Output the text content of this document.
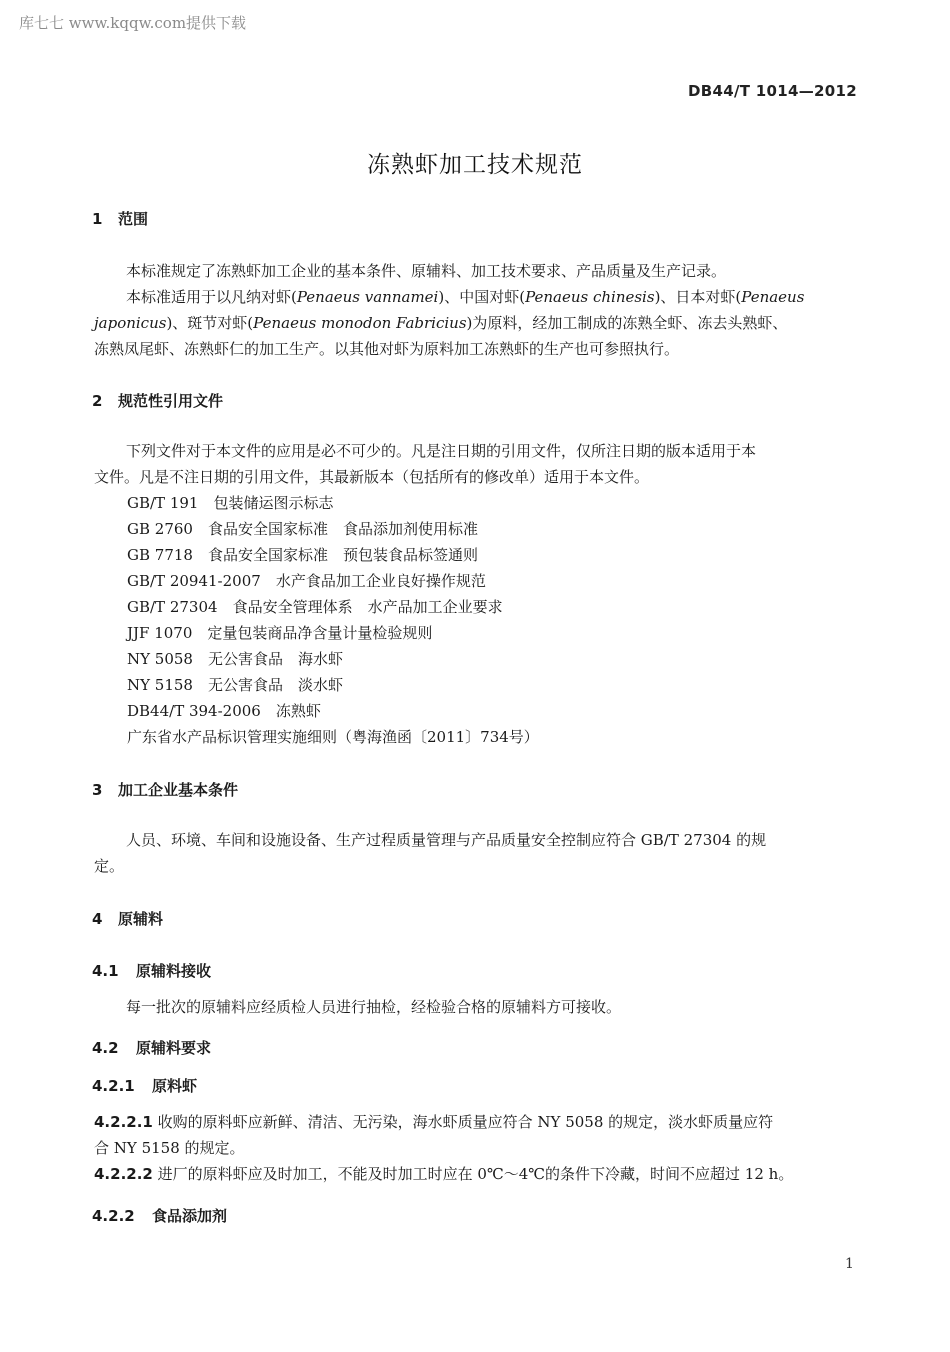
库七七 www.kqqw.com提供下载
DB44/T 1014—2012
冻熟虾加工技术规范
1 范围
本标准规定了冻熟虾加工企业的基本条件、原辅料、加工技术要求、产品质量及生产记录。
本标准适用于以凡纳对虾(Penaeus vannamei)、中国对虾(Penaeus chinesis)、日本对虾(Penaeus
japonicus)、斑节对虾(Penaeus monodon Fabricius)为原料，经加工制成的冻熟全虾、冻去头熟虾、
冻熟凤尾虾、冻熟虾仁的加工生产。以其他对虾为原料加工冻熟虾的生产也可参照执行。
2 规范性引用文件
下列文件对于本文件的应用是必不可少的。凡是注日期的引用文件，仅所注日期的版本适用于本
文件。凡是不注日期的引用文件，其最新版本（包括所有的修改单）适用于本文件。
GB/T 191　 包装储运图示标志
GB 2760　 食品安全国家标准　食品添加剂使用标准
GB 7718　 食品安全国家标准　预包装食品标签通则
GB/T 20941-2007　 水产食品加工企业良好操作规范
GB/T 27304　 食品安全管理体系　水产品加工企业要求
JJF 1070　 定量包装商品净含量计量检验规则
NY 5058　 无公害食品　海水虾
NY 5158　 无公害食品　淡水虾
DB44/T 394-2006　 冻熟虾
广东省水产品标识管理实施细则（粤海渔函〔2011〕734号）
3 加工企业基本条件
人员、环境、车间和设施设备、生产过程质量管理与产品质量安全控制应符合 GB/T 27304 的规
定。
4 原辅料
4.1 原辅料接收
每一批次的原辅料应经质检人员进行抽检，经检验合格的原辅料方可接收。
4.2 原辅料要求
4.2.1 原料虾
4.2.2.1 收购的原料虾应新鲜、清洁、无污染，海水虾质量应符合 NY 5058 的规定，淡水虾质量应符
合 NY 5158 的规定。
4.2.2.2 进厂的原料虾应及时加工，不能及时加工时应在 0℃～4℃的条件下冷藏，时间不应超过 12 h。
4.2.2 食品添加剂
1
